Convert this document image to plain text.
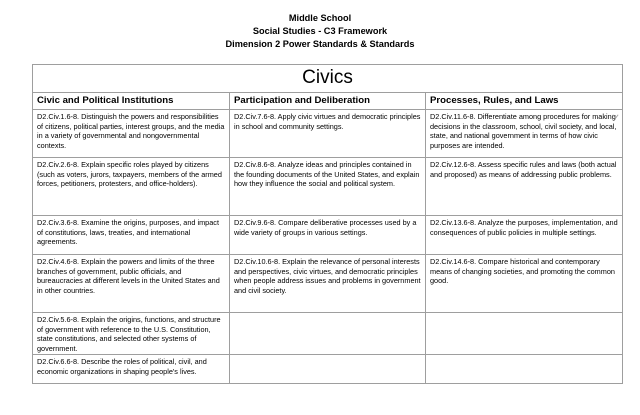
Middle School
Social Studies - C3 Framework
Dimension 2 Power Standards & Standards
Civics		
Civic and Political Institutions	Participation and Deliberation	Processes, Rules, and Laws
D2.Civ.1.6-8. Distinguish the powers and responsibilities of citizens, political parties, interest groups, and the media in a variety of governmental and nongovernmental contexts.	D2.Civ.7.6-8. Apply civic virtues and democratic principles in school and community settings.	D2.Civ.11.6-8. Differentiate among procedures for making decisions in the classroom, school, civil society, and local, state, and national government in terms of how civic purposes are intended.

D2.Civ.2.6-8. Explain specific roles played by citizens (such as voters, jurors, taxpayers, members of the armed forces, petitioners, protesters, and office-holders).	D2.Civ.8.6-8. Analyze ideas and principles contained in the founding documents of the United States, and explain how they influence the social and political system.	D2.Civ.12.6-8. Assess specific rules and laws (both actual and proposed) as means of addressing public problems.
D2.Civ.3.6-8. Examine the origins, purposes, and impact of constitutions, laws, treaties, and international agreements.	D2.Civ.9.6-8. Compare deliberative processes used by a wide variety of groups in various settings.	D2.Civ.13.6-8. Analyze the purposes, implementation, and consequences of public policies in multiple settings.
D2.Civ.4.6-8. Explain the powers and limits of the three branches of government, public officials, and bureaucracies at different levels in the United States and in other countries.	D2.Civ.10.6-8. Explain the relevance of personal interests and perspectives, civic virtues, and democratic principles when people address issues and problems in government and civil society.	D2.Civ.14.6-8. Compare historical and contemporary means of changing societies, and promoting the common good.
D2.Civ.5.6-8. Explain the origins, functions, and structure of government with reference to the U.S. Constitution, state constitutions, and selected other systems of government.		
D2.Civ.6.6-8. Describe the roles of political, civil, and economic organizations in shaping people's lives.		
